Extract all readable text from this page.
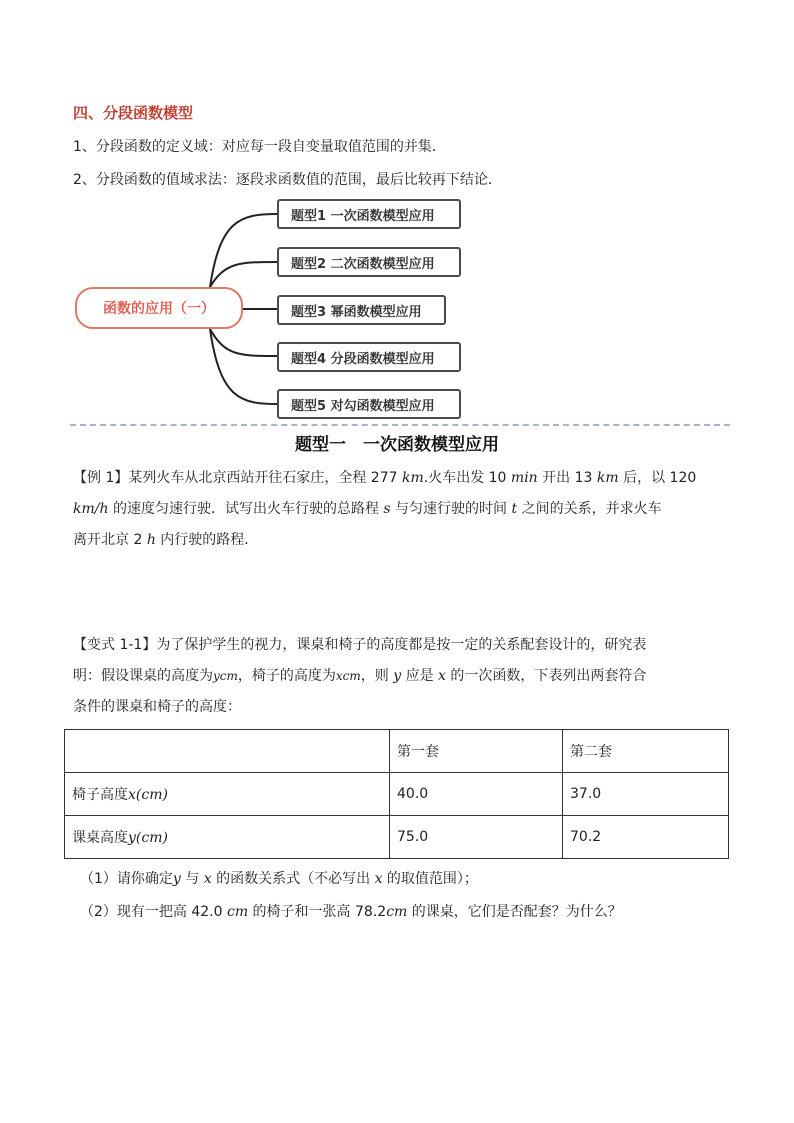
四、分段函数模型
1、分段函数的定义域：对应每一段自变量取值范围的并集．
2、分段函数的值域求法：逐段求函数值的范围，最后比较再下结论．
函数的应用（一）
题型1 一次函数模型应用
题型2 二次函数模型应用
题型3 幂函数模型应用
题型4 分段函数模型应用
题型5 对勾函数模型应用
题型一　一次函数模型应用
【例 1】某列火车从北京西站开往石家庄，全程 277 km.火车出发 10 min 开出 13 km 后，以 120
km/h 的速度匀速行驶．试写出火车行驶的总路程 s 与匀速行驶的时间 t 之间的关系，并求火车
离开北京 2 h 内行驶的路程．
【变式 1-1】为了保护学生的视力，课桌和椅子的高度都是按一定的关系配套设计的，研究表
明：假设课桌的高度为ycm，椅子的高度为xcm，则 y 应是 x 的一次函数，下表列出两套符合
条件的课桌和椅子的高度：
	第一套	第二套
椅子高度x(cm)	40.0	37.0
课桌高度y(cm)	75.0	70.2
（1）请你确定y 与 x 的函数关系式（不必写出 x 的取值范围）；
（2）现有一把高 42.0 cm 的椅子和一张高 78.2cm 的课桌，它们是否配套？为什么？
